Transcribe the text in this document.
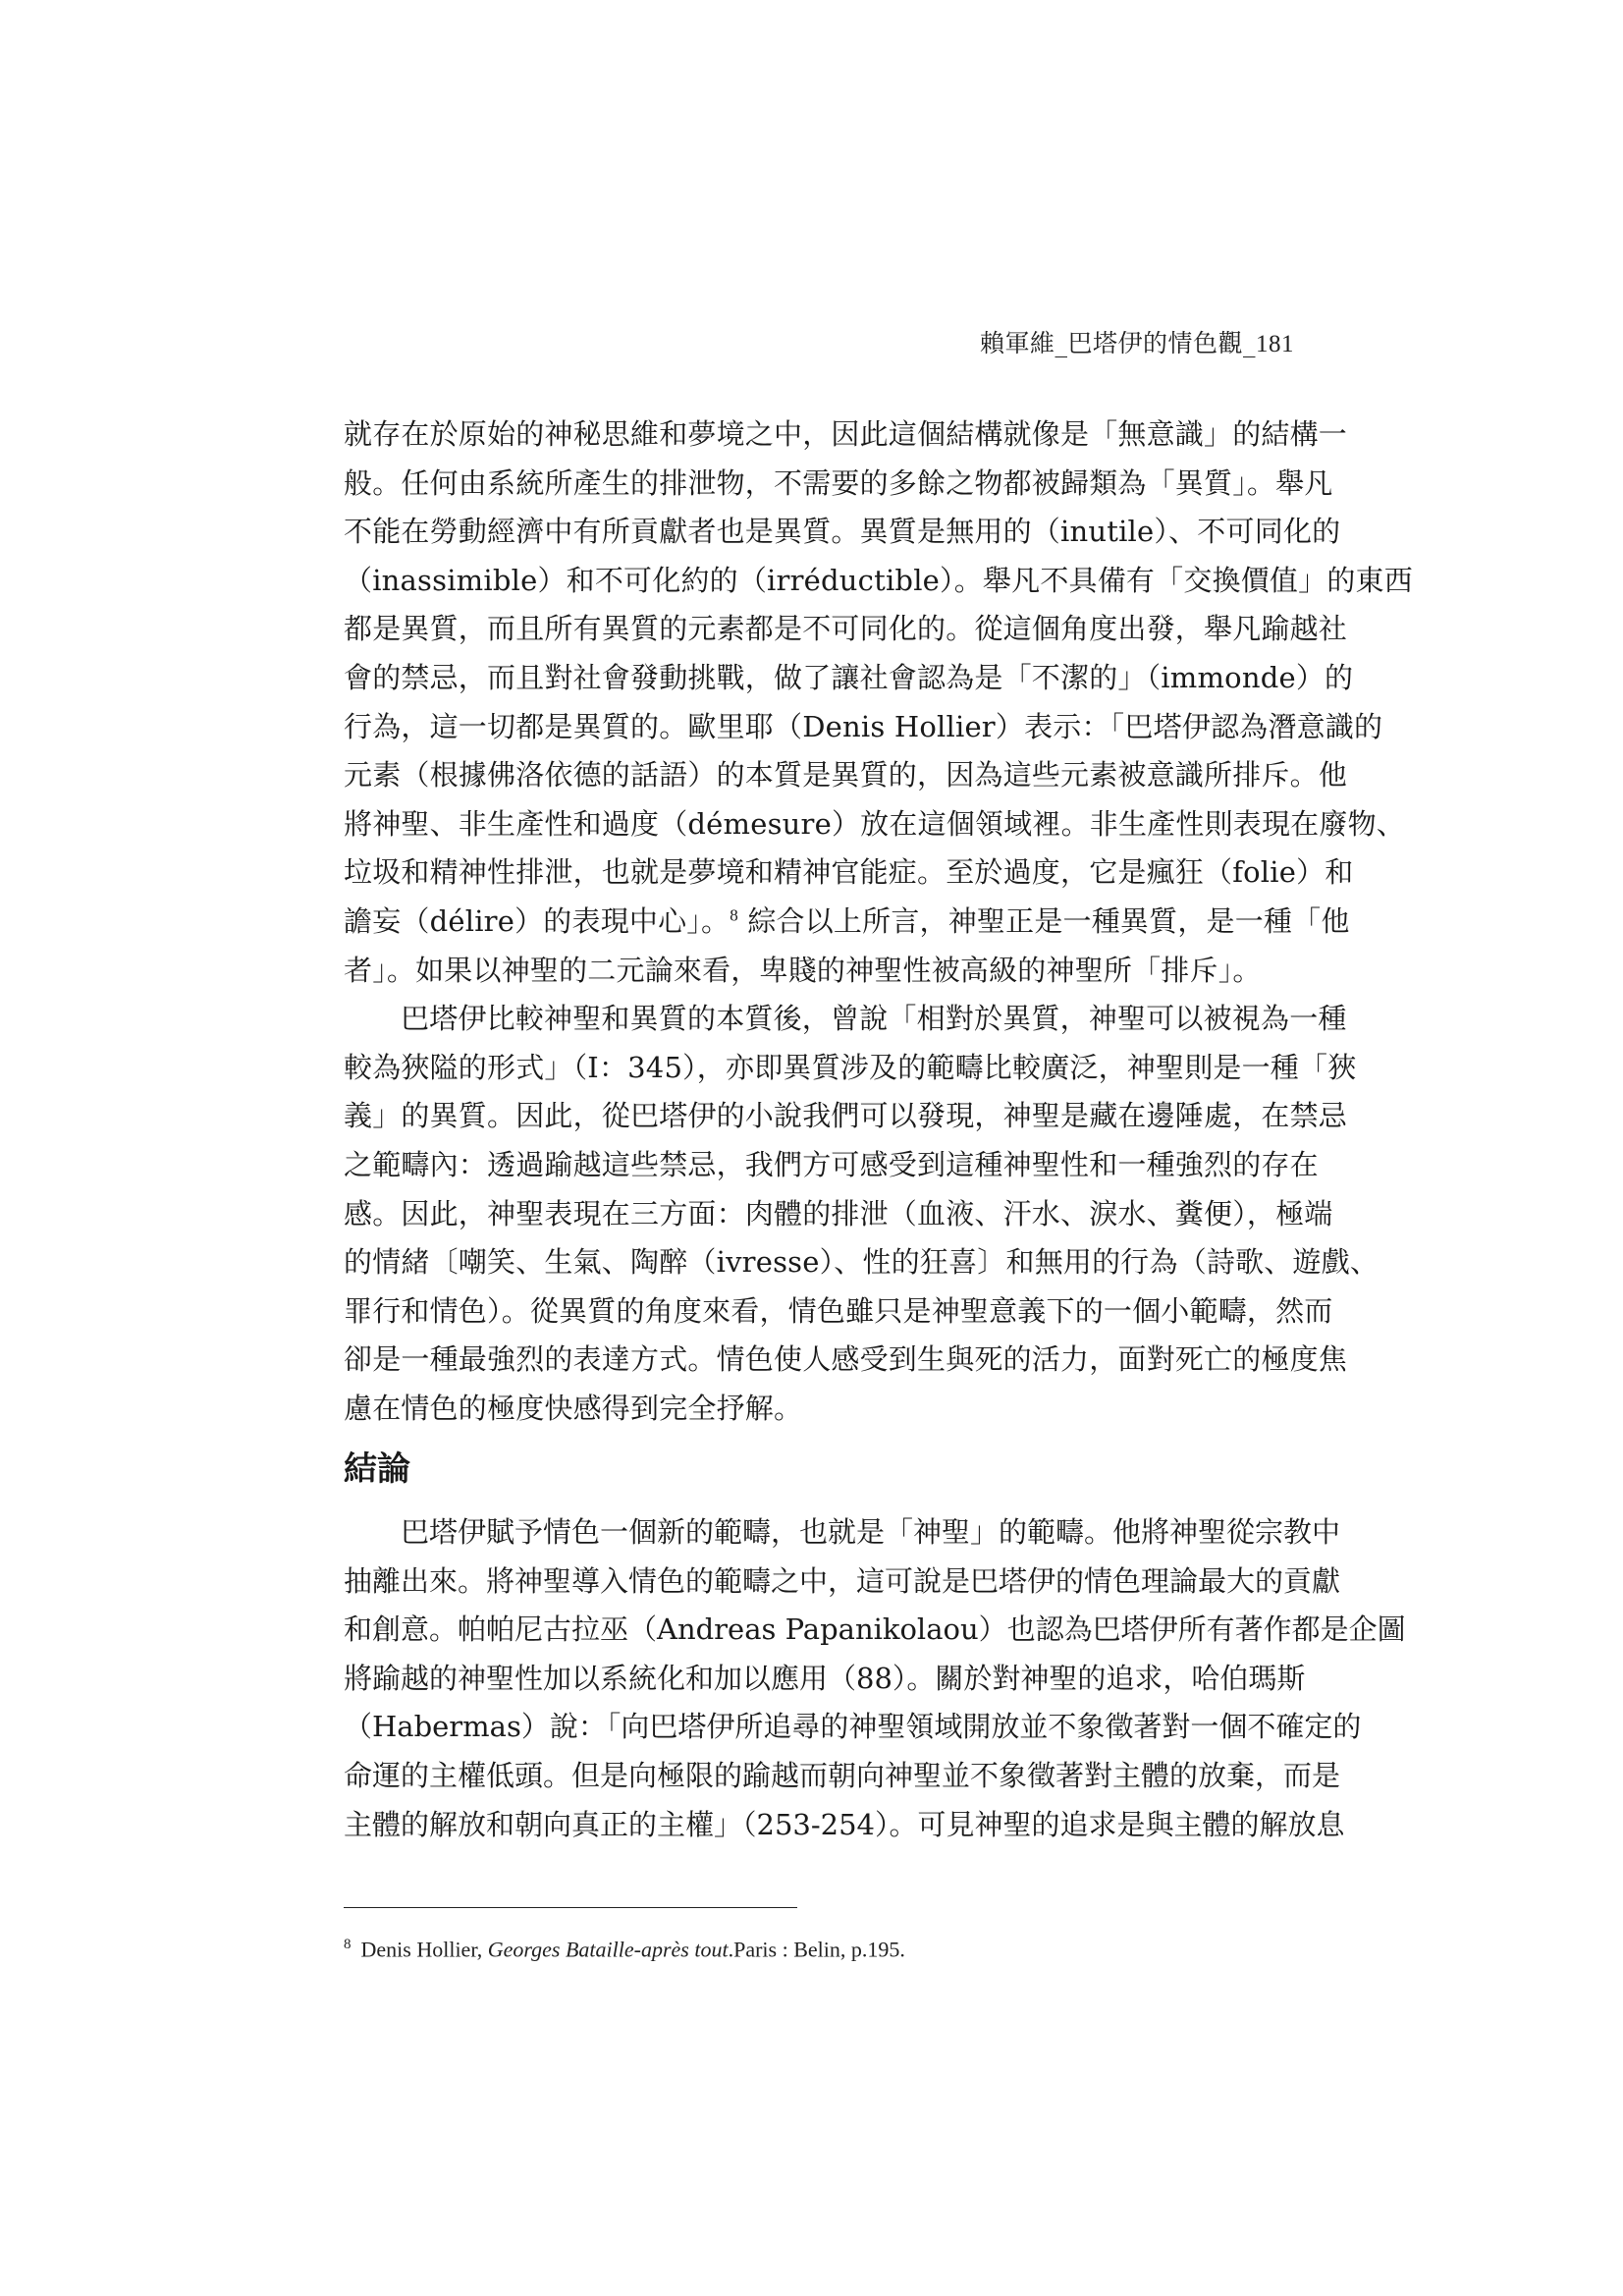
賴軍維_巴塔伊的情色觀_181

就存在於原始的神秘思維和夢境之中，因此這個結構就像是「無意識」的結構一
般。任何由系統所產生的排泄物，不需要的多餘之物都被歸類為「異質」。舉凡
不能在勞動經濟中有所貢獻者也是異質。異質是無用的（inutile）、不可同化的
（inassimible）和不可化約的（irréductible）。舉凡不具備有「交換價值」的東西
都是異質，而且所有異質的元素都是不可同化的。從這個角度出發，舉凡踰越社
會的禁忌，而且對社會發動挑戰，做了讓社會認為是「不潔的」（immonde）的
行為，這一切都是異質的。歐里耶（Denis Hollier）表示：「巴塔伊認為潛意識的
元素（根據佛洛依德的話語）的本質是異質的，因為這些元素被意識所排斥。他
將神聖、非生產性和過度（démesure）放在這個領域裡。非生產性則表現在廢物、
垃圾和精神性排泄，也就是夢境和精神官能症。至於過度，它是瘋狂（folie）和
譫妄（délire）的表現中心」。$^8$ 綜合以上所言，神聖正是一種異質，是一種「他
者」。如果以神聖的二元論來看，卑賤的神聖性被高級的神聖所「排斥」。

巴塔伊比較神聖和異質的本質後，曾說「相對於異質，神聖可以被視為一種
較為狹隘的形式」（I：345），亦即異質涉及的範疇比較廣泛，神聖則是一種「狹
義」的異質。因此，從巴塔伊的小說我們可以發現，神聖是藏在邊陲處，在禁忌
之範疇內：透過踰越這些禁忌，我們方可感受到這種神聖性和一種強烈的存在
感。因此，神聖表現在三方面：肉體的排泄（血液、汗水、淚水、糞便），極端
的情緒〔嘲笑、生氣、陶醉（ivresse）、性的狂喜〕和無用的行為（詩歌、遊戲、
罪行和情色）。從異質的角度來看，情色雖只是神聖意義下的一個小範疇，然而
卻是一種最強烈的表達方式。情色使人感受到生與死的活力，面對死亡的極度焦
慮在情色的極度快感得到完全抒解。

結論

巴塔伊賦予情色一個新的範疇，也就是「神聖」的範疇。他將神聖從宗教中
抽離出來。將神聖導入情色的範疇之中，這可說是巴塔伊的情色理論最大的貢獻
和創意。帕帕尼古拉巫（Andreas Papanikolaou）也認為巴塔伊所有著作都是企圖
將踰越的神聖性加以系統化和加以應用（88）。關於對神聖的追求，哈伯瑪斯
（Habermas）說：「向巴塔伊所追尋的神聖領域開放並不象徵著對一個不確定的
命運的主權低頭。但是向極限的踰越而朝向神聖並不象徵著對主體的放棄，而是
主體的解放和朝向真正的主權」（253-254）。可見神聖的追求是與主體的解放息

$^8$ Denis Hollier, Georges Bataille-après tout.Paris : Belin, p.195.
